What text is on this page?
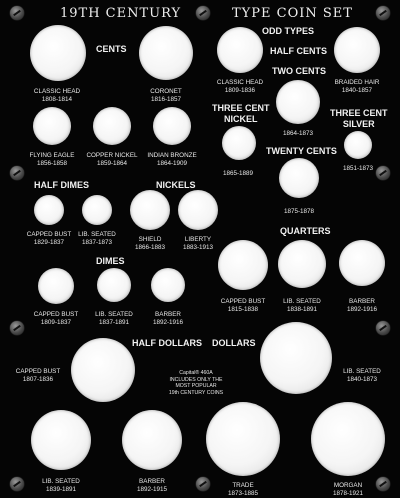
19TH CENTURY	TYPE COIN SET
ODD TYPES
CENTS	HALF CENTS
TWO CENTS
THREE CENT
NICKEL
THREE CENT
SILVER
TWENTY CENTS
HALF DIMES	NICKELS
QUARTERS
DIMES
HALF DOLLARS DOLLARS
CLASSIC HEAD
1808-1814
CORONET
1816-1857
CLASSIC HEAD
1809-1836
BRAIDED HAIR
1840-1857
FLYING EAGLE
1856-1858
COPPER NICKEL
1859-1864
INDIAN BRONZE
1864-1909
1864-1873
1865-1889
1851-1873
1875-1878
CAPPED BUST
1829-1837
LIB. SEATED
1837-1873	SHIELD
1866-1883
LIBERTY
1883-1913
CAPPED BUST
1815-1838
LIB. SEATED
1838-1891
BARBER
1892-1916
CAPPED BUST
1809-1837
LIB. SEATED
1837-1891
BARBER
1892-1916
CAPPED BUST
1807-1836
LIB. SEATED
1840-1873
LIB. SEATED
1839-1891
BARBER
1892-1915
TRADE
1873-1885
MORGAN
1878-1921
Capital® 460A
INCLUDES ONLY THE
MOST POPULAR
19th CENTURY COINS
